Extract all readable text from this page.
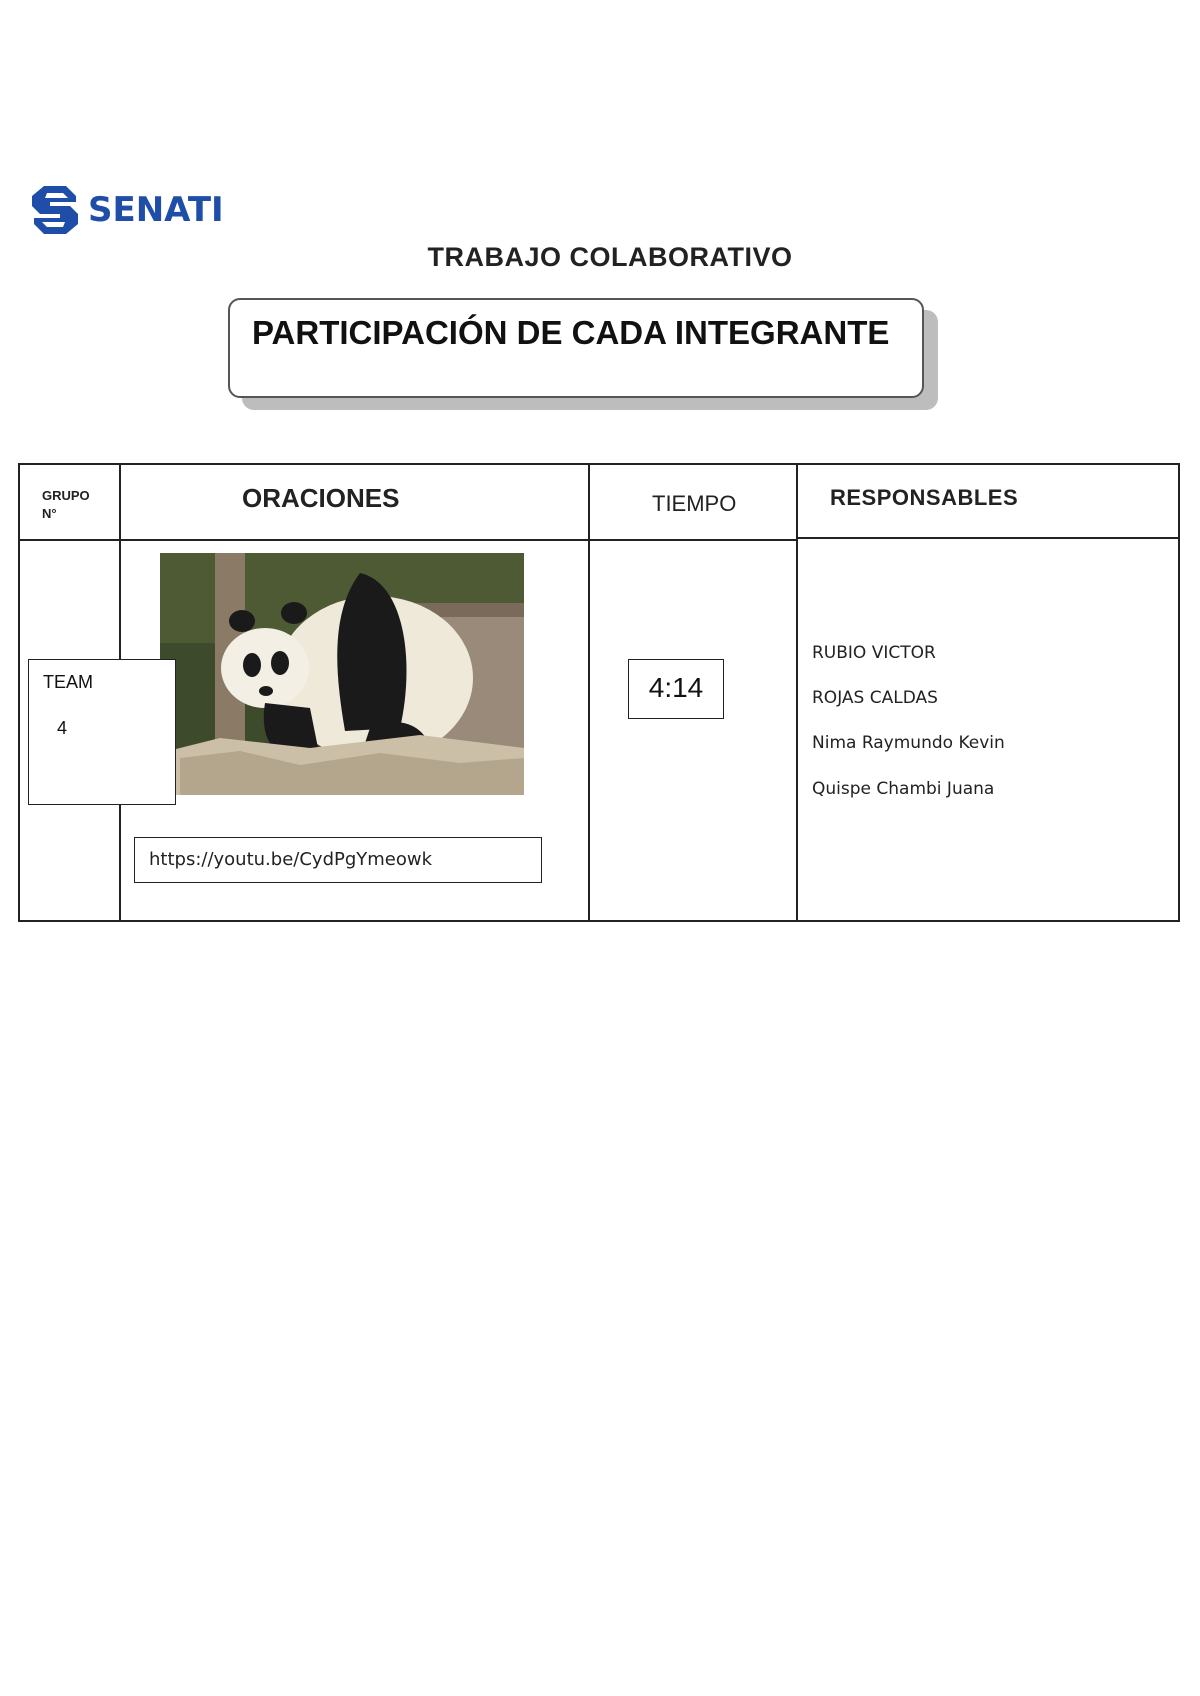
SENATI
TRABAJO COLABORATIVO
PARTICIPACIÓN DE CADA INTEGRANTE
GRUPO
N°
ORACIONES	TIEMPO	RESPONSABLES
TEAM
4
https://youtu.be/CydPgYmeowk
4:14
RUBIO VICTOR
ROJAS CALDAS
Nima Raymundo Kevin
Quispe Chambi Juana
